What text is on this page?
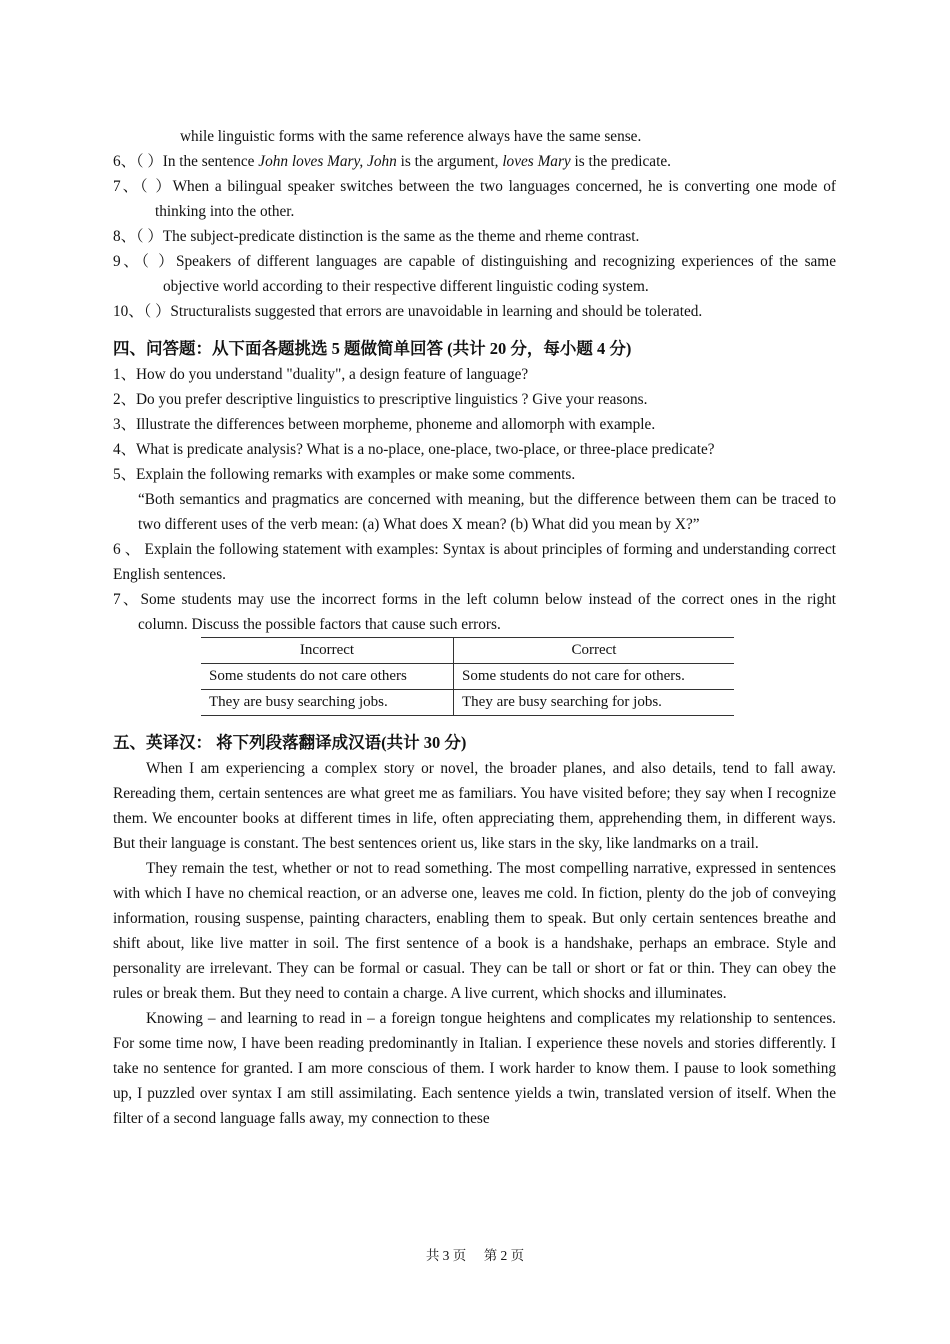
while linguistic forms with the same reference always have the same sense.

6、（ ）In the sentence John loves Mary, John is the argument, loves Mary is the predicate.

7、（ ）When a bilingual speaker switches between the two languages concerned, he is converting one mode of thinking into the other.

8、（ ）The subject-predicate distinction is the same as the theme and rheme contrast.

9、（ ）Speakers of different languages are capable of distinguishing and recognizing experiences of the same objective world according to their respective different linguistic coding system.

10、（ ）Structuralists suggested that errors are unavoidable in learning and should be tolerated.

四、问答题：从下面各题挑选 5 题做简单回答 (共计 20 分，每小题 4 分)

1、How do you understand "duality", a design feature of language?

2、Do you prefer descriptive linguistics to prescriptive linguistics ? Give your reasons.

3、Illustrate the differences between morpheme, phoneme and allomorph with example.

4、What is predicate analysis? What is a no-place, one-place, two-place, or three-place predicate?

5、Explain the following remarks with examples or make some comments.

“Both semantics and pragmatics are concerned with meaning, but the difference between them can be traced to two different uses of the verb mean: (a) What does X mean? (b) What did you mean by X?”

6 、 Explain the following statement with examples: Syntax is about principles of forming and understanding correct English sentences.

7、Some students may use the incorrect forms in the left column below instead of the correct ones in the right column. Discuss the possible factors that cause such errors.

Incorrect	Correct
Some students do not care others	Some students do not care for others.
They are busy searching jobs.	They are busy searching for jobs.

五、英译汉： 将下列段落翻译成汉语(共计 30 分)

When I am experiencing a complex story or novel, the broader planes, and also details, tend to fall away. Rereading them, certain sentences are what greet me as familiars. You have visited before; they say when I recognize them. We encounter books at different times in life, often appreciating them, apprehending them, in different ways. But their language is constant. The best sentences orient us, like stars in the sky, like landmarks on a trail.

They remain the test, whether or not to read something. The most compelling narrative, expressed in sentences with which I have no chemical reaction, or an adverse one, leaves me cold. In fiction, plenty do the job of conveying information, rousing suspense, painting characters, enabling them to speak. But only certain sentences breathe and shift about, like live matter in soil. The first sentence of a book is a handshake, perhaps an embrace. Style and personality are irrelevant. They can be formal or casual. They can be tall or short or fat or thin. They can obey the rules or break them. But they need to contain a charge. A live current, which shocks and illuminates.

Knowing – and learning to read in – a foreign tongue heightens and complicates my relationship to sentences. For some time now, I have been reading predominantly in Italian. I experience these novels and stories differently. I take no sentence for granted. I am more conscious of them. I work harder to know them. I pause to look something up, I puzzled over syntax I am still assimilating. Each sentence yields a twin, translated version of itself. When the filter of a second language falls away, my connection to these

共 3 页 第 2 页
